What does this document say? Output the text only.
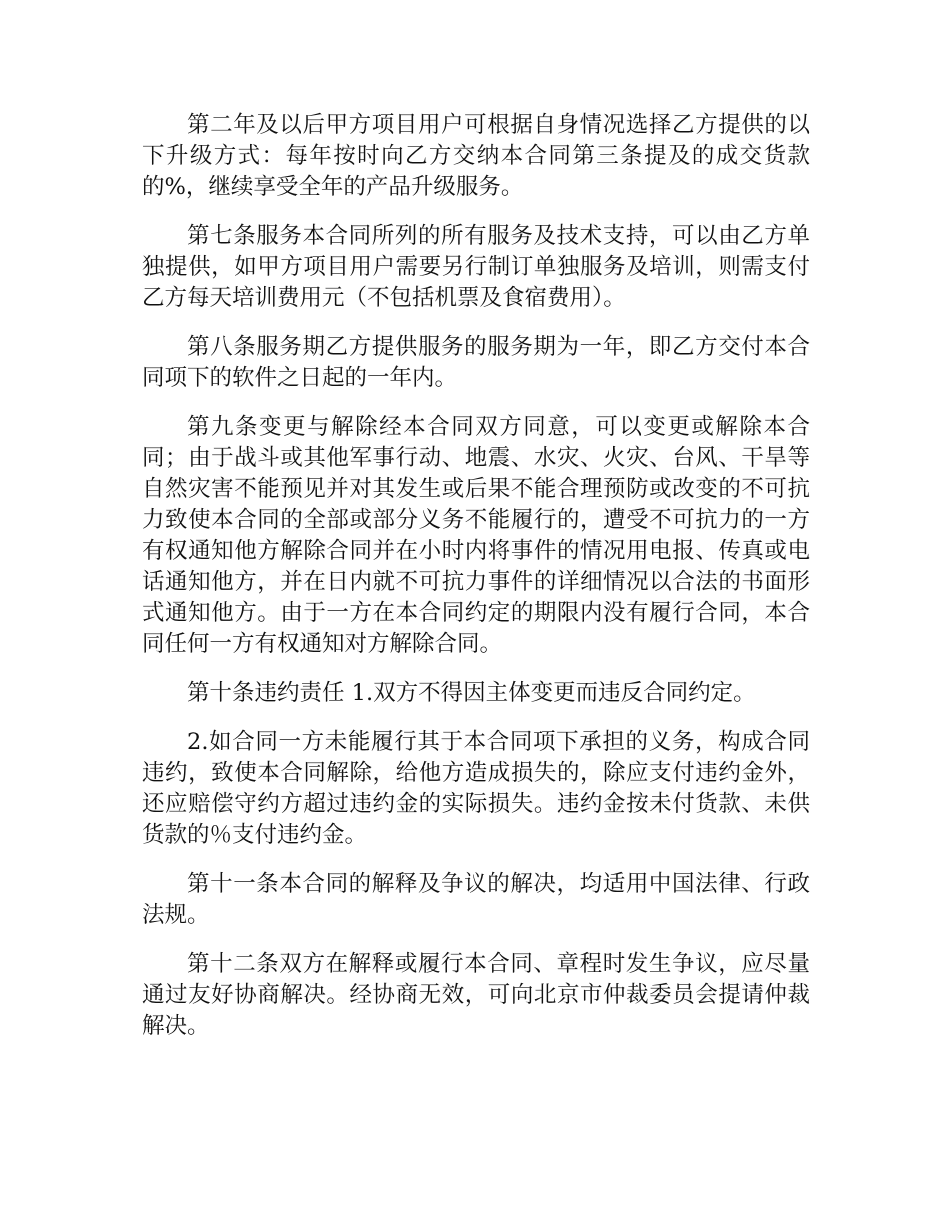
第二年及以后甲方项目用户可根据自身情况选择乙方提供的以下升级方式：每年按时向乙方交纳本合同第三条提及的成交货款的%，继续享受全年的产品升级服务。

第七条服务本合同所列的所有服务及技术支持，可以由乙方单独提供，如甲方项目用户需要另行制订单独服务及培训，则需支付乙方每天培训费用元（不包括机票及食宿费用）。

第八条服务期乙方提供服务的服务期为一年，即乙方交付本合同项下的软件之日起的一年内。

第九条变更与解除经本合同双方同意，可以变更或解除本合同；由于战斗或其他军事行动、地震、水灾、火灾、台风、干旱等自然灾害不能预见并对其发生或后果不能合理预防或改变的不可抗力致使本合同的全部或部分义务不能履行的，遭受不可抗力的一方有权通知他方解除合同并在小时内将事件的情况用电报、传真或电话通知他方，并在日内就不可抗力事件的详细情况以合法的书面形式通知他方。由于一方在本合同约定的期限内没有履行合同，本合同任何一方有权通知对方解除合同。

第十条违约责任 1.双方不得因主体变更而违反合同约定。

2.如合同一方未能履行其于本合同项下承担的义务，构成合同违约，致使本合同解除，给他方造成损失的，除应支付违约金外，还应赔偿守约方超过违约金的实际损失。违约金按未付货款、未供货款的％支付违约金。

第十一条本合同的解释及争议的解决，均适用中国法律、行政法规。

第十二条双方在解释或履行本合同、章程时发生争议，应尽量通过友好协商解决。经协商无效，可向北京市仲裁委员会提请仲裁解决。
